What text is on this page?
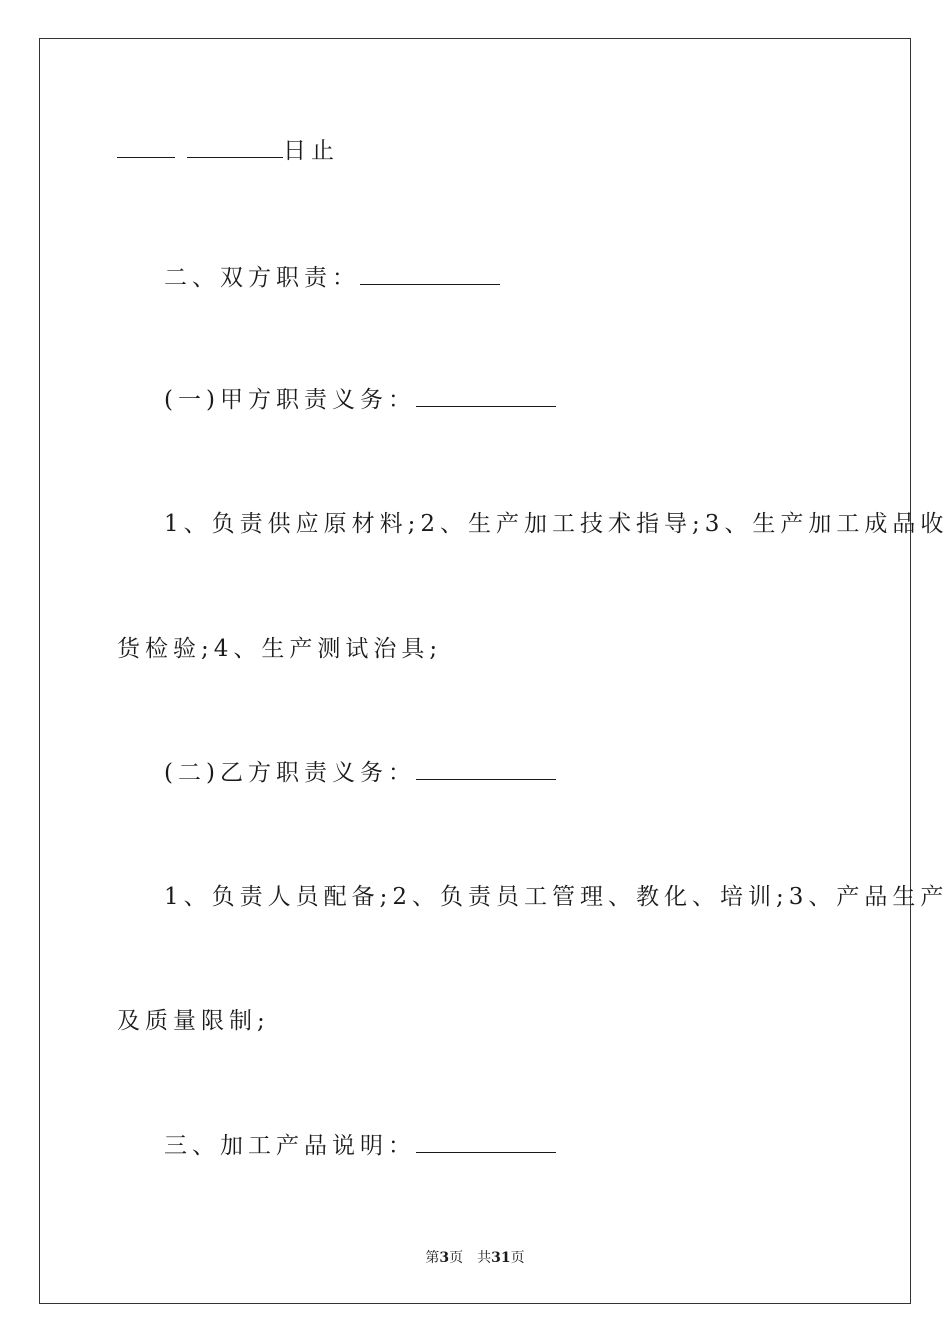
日止
二、双方职责：
(一)甲方职责义务：
1、负责供应原材料;2、生产加工技术指导;3、生产加工成品收
货检验;4、生产测试治具;
(二)乙方职责义务：
1、负责人员配备;2、负责员工管理、教化、培训;3、产品生产
及质量限制;
三、加工产品说明：
第3页 共31页
